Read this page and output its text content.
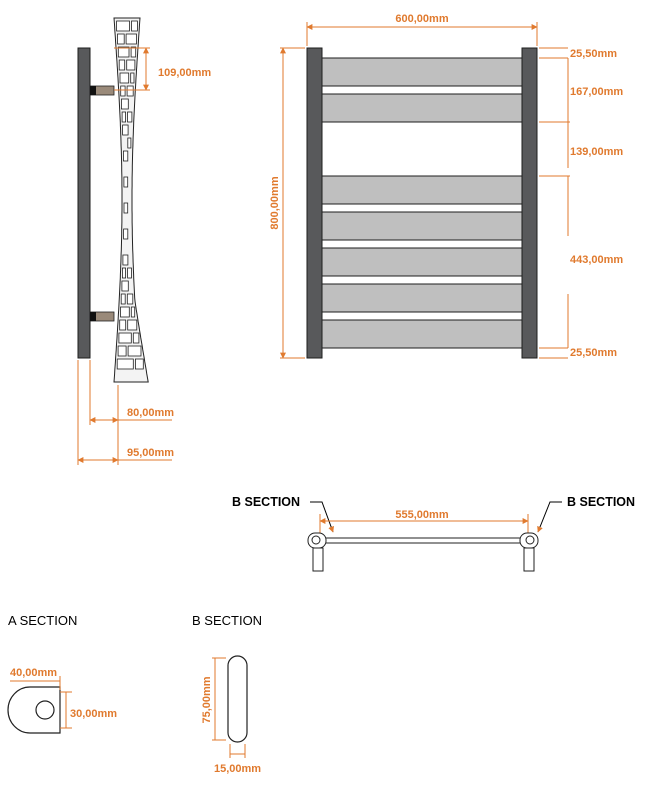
109,00mm
80,00mm
95,00mm
600,00mm
800,00mm
25,50mm
167,00mm
139,00mm
443,00mm
25,50mm
B SECTION	B SECTION
555,00mm
A SECTION
40,00mm
30,00mm
B SECTION
75,00mm
15,00mm
